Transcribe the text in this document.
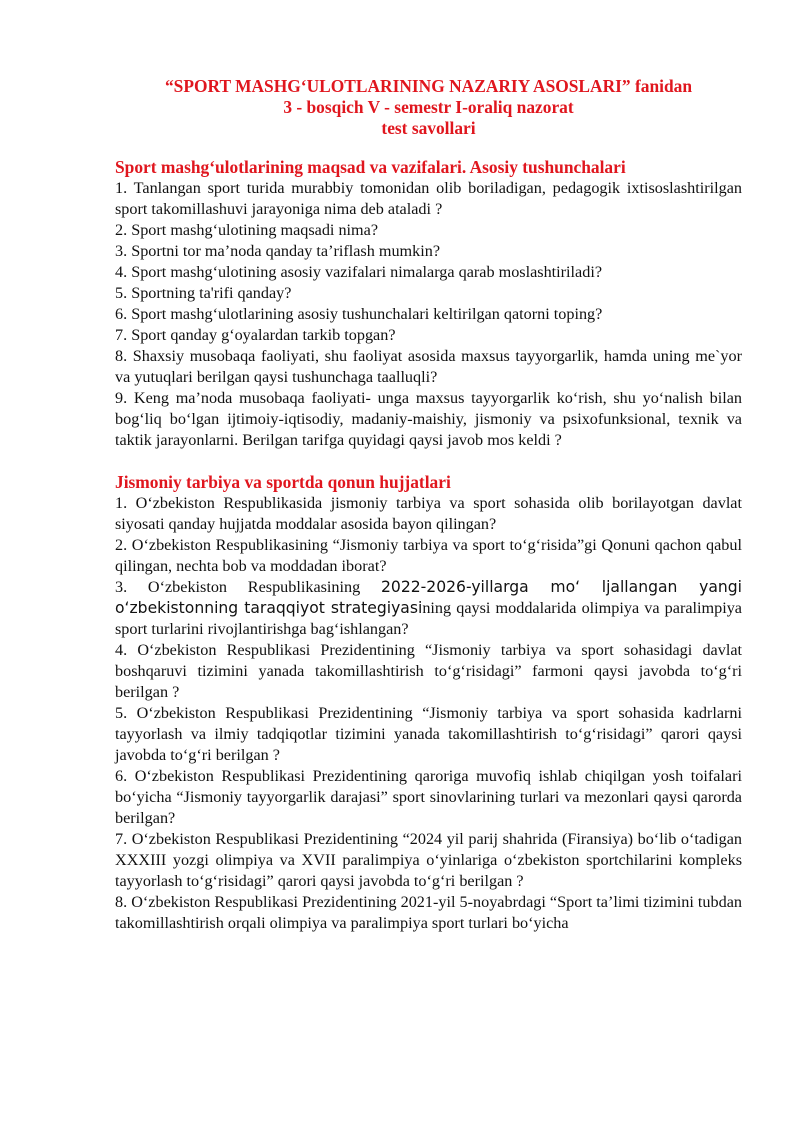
“SPORT MASHG‘ULOTLARINING NAZARIY ASOSLARI” fanidan
3 - bosqich V - semestr I-oraliq nazorat
test savollari
Sport mashg‘ulotlarining maqsad va vazifalari. Asosiy tushunchalari
1. Tanlangan sport turida murabbiy tomonidan olib boriladigan, pedagogik ixtisoslashtirilgan sport takomillashuvi jarayoniga nima deb ataladi ?
2. Sport mashg‘ulotining maqsadi nima?
3. Sportni tor ma’noda qanday ta’riflash mumkin?
4. Sport mashg‘ulotining asosiy vazifalari nimalarga qarab moslashtiriladi?
5. Sportning ta'rifi qanday?
6. Sport mashg‘ulotlarining asosiy tushunchalari keltirilgan qatorni toping?
7. Sport qanday g‘oyalardan tarkib topgan?
8. Shaxsiy musobaqa faoliyati, shu faoliyat asosida maxsus tayyorgarlik, hamda uning me`yor va yutuqlari berilgan qaysi tushunchaga taalluqli?
9. Keng ma’noda musobaqa faoliyati- unga maxsus tayyorgarlik ko‘rish, shu yo‘nalish bilan bog‘liq bo‘lgan ijtimoiy-iqtisodiy, madaniy-maishiy, jismoniy va psixofunksional, texnik va taktik jarayonlarni. Berilgan tarifga quyidagi qaysi javob mos keldi ?
Jismoniy tarbiya va sportda qonun hujjatlari
1. O‘zbekiston Respublikasida jismoniy tarbiya va sport sohasida olib borilayotgan davlat siyosati qanday hujjatda moddalar asosida bayon qilingan?
2. O‘zbekiston Respublikasining “Jismoniy tarbiya va sport to‘g‘risida”gi Qonuni qachon qabul qilingan, nechta bob va moddadan iborat?
3. O‘zbekiston Respublikasining 2022-2026-yillarga mo‘ ljallangan yangi o‘zbekistonning taraqqiyot strategiyasining qaysi moddalarida olimpiya va paralimpiya sport turlarini rivojlantirishga bag‘ishlangan?
4. O‘zbekiston Respublikasi Prezidentining “Jismoniy tarbiya va sport sohasidagi davlat boshqaruvi tizimini yanada takomillashtirish to‘g‘risidagi” farmoni qaysi javobda to‘g‘ri berilgan ?
5. O‘zbekiston Respublikasi Prezidentining “Jismoniy tarbiya va sport sohasida kadrlarni tayyorlash va ilmiy tadqiqotlar tizimini yanada takomillashtirish to‘g‘risidagi” qarori qaysi javobda to‘g‘ri berilgan ?
6. O‘zbekiston Respublikasi Prezidentining qaroriga muvofiq ishlab chiqilgan yosh toifalari bo‘yicha “Jismoniy tayyorgarlik darajasi” sport sinovlarining turlari va mezonlari qaysi qarorda berilgan?
7. O‘zbekiston Respublikasi Prezidentining “2024 yil parij shahrida (Firansiya) bo‘lib o‘tadigan XXXIII yozgi olimpiya va XVII paralimpiya o‘yinlariga o‘zbekiston sportchilarini kompleks tayyorlash to‘g‘risidagi” qarori qaysi javobda to‘g‘ri berilgan ?
8. O‘zbekiston Respublikasi Prezidentining 2021-yil 5-noyabrdagi “Sport ta’limi tizimini tubdan takomillashtirish orqali olimpiya va paralimpiya sport turlari bo‘yicha
